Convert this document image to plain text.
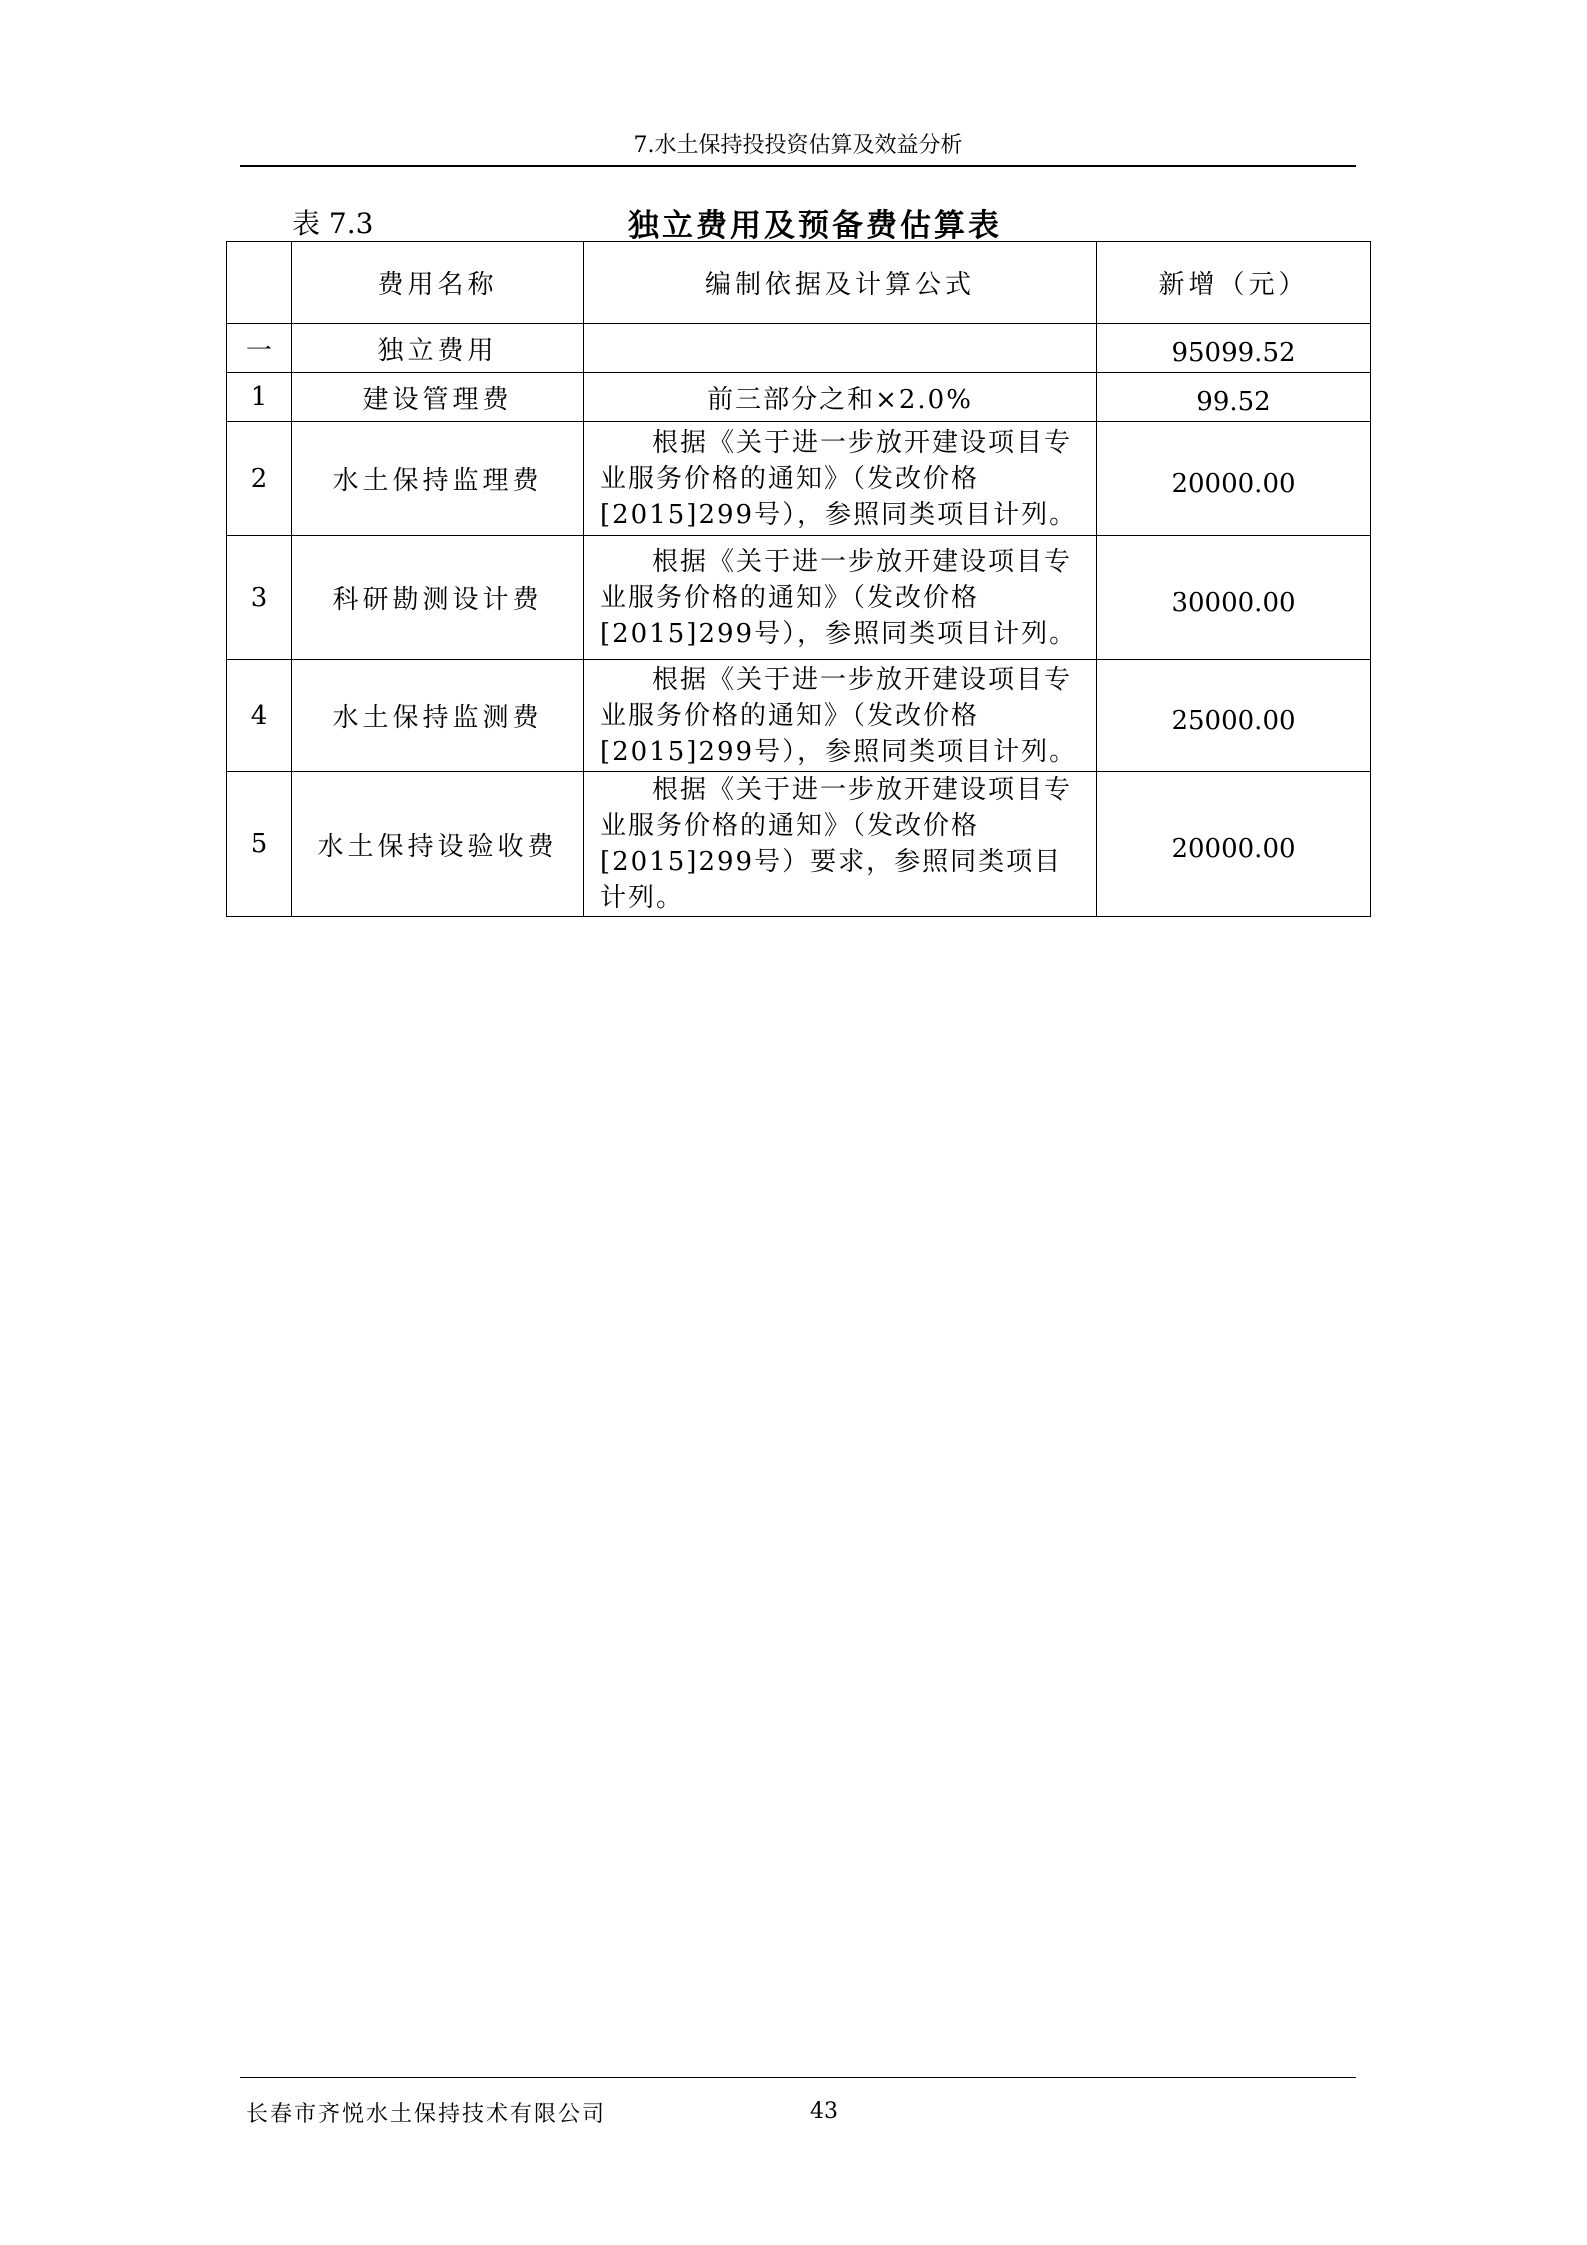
7.水土保持投投资估算及效益分析
表 7.3	独立费用及预备费估算表
	费用名称	编制依据及计算公式	新增（元）
一	独立费用		95099.52
1	建设管理费	前三部分之和×2.0%	99.52
2	水土保持监理费	根据《关于进一步放开建设项目专业服务价格的通知》（发改价格[2015]299号），参照同类项目计列。	20000.00
3	科研勘测设计费	根据《关于进一步放开建设项目专业服务价格的通知》（发改价格[2015]299号），参照同类项目计列。	30000.00
4	水土保持监测费	根据《关于进一步放开建设项目专业服务价格的通知》（发改价格[2015]299号），参照同类项目计列。	25000.00
5	水土保持设验收费	根据《关于进一步放开建设项目专业服务价格的通知》（发改价格[2015]299号）要求，参照同类项目计列。	20000.00
长春市齐悦水土保持技术有限公司	43
